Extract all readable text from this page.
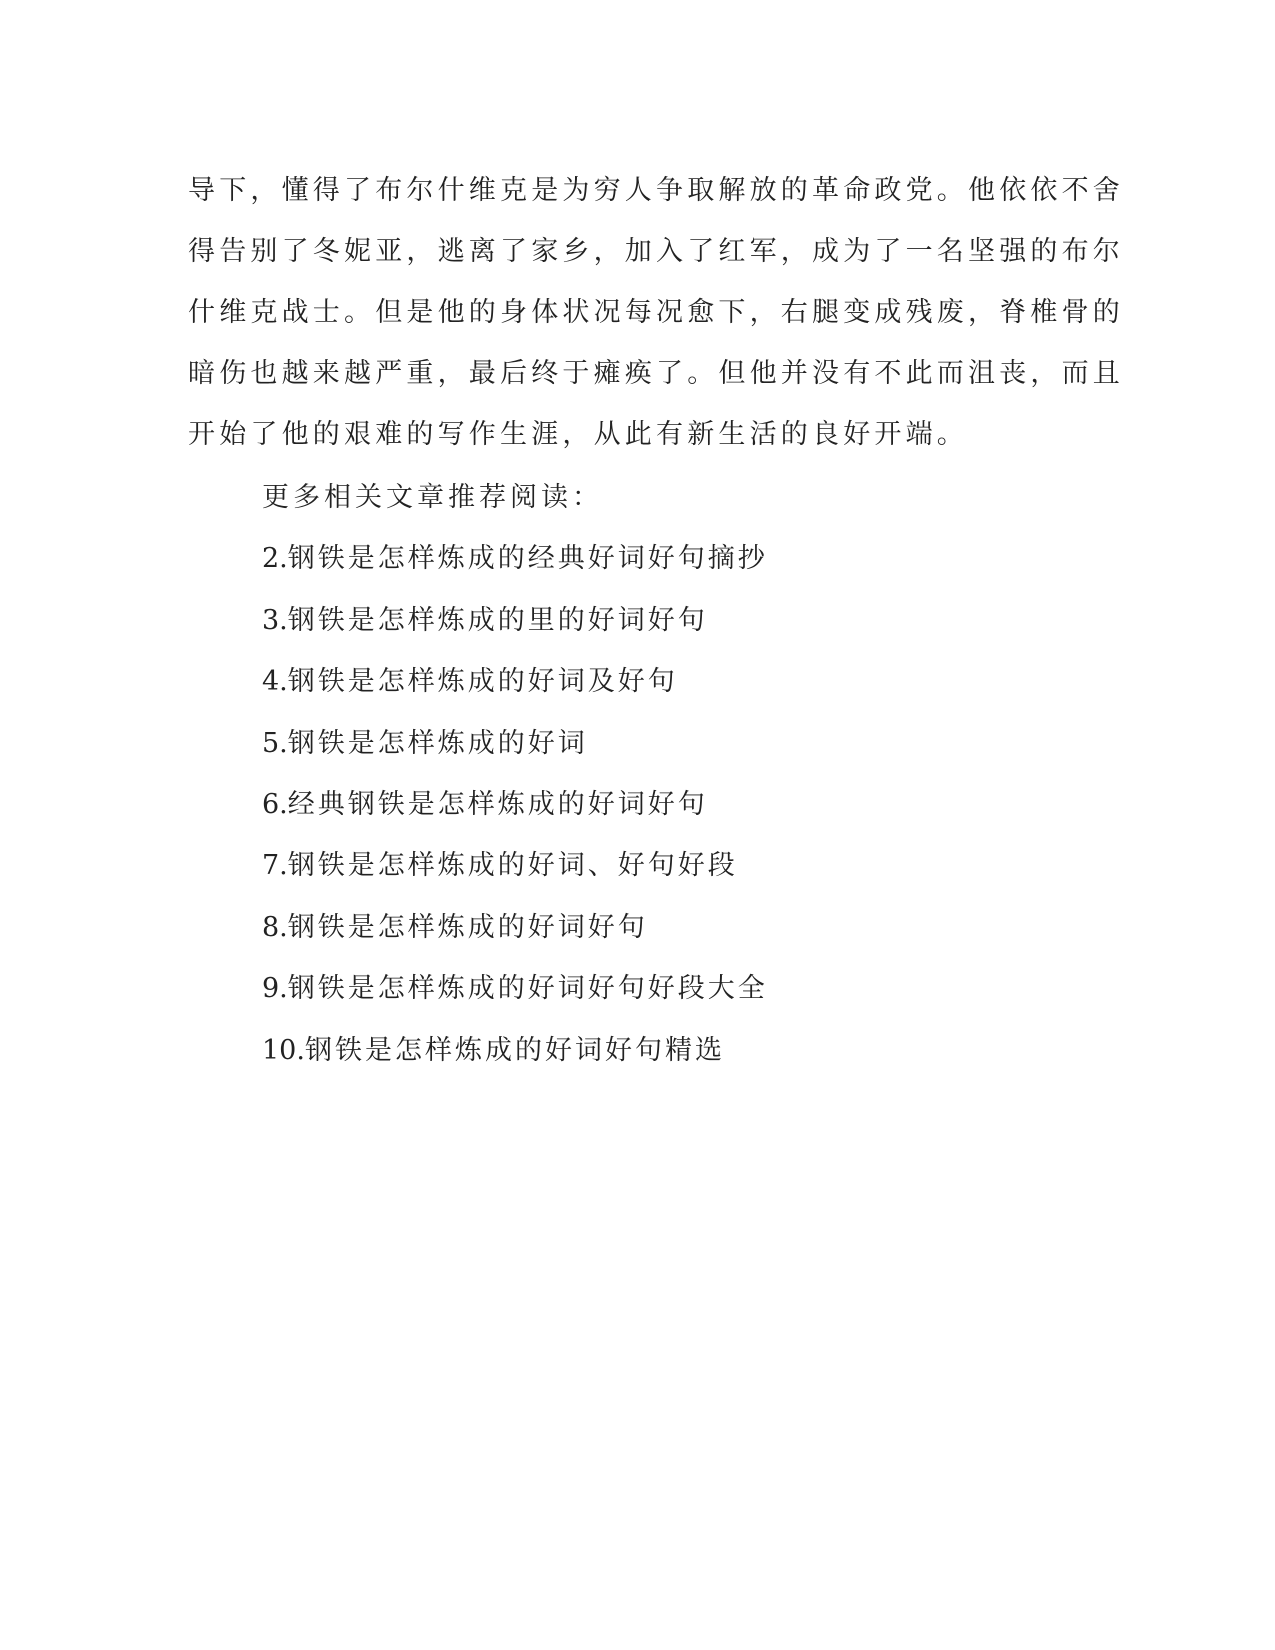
导下，懂得了布尔什维克是为穷人争取解放的革命政党。他依依不舍
得告别了冬妮亚，逃离了家乡，加入了红军，成为了一名坚强的布尔
什维克战士。但是他的身体状况每况愈下，右腿变成残废，脊椎骨的
暗伤也越来越严重，最后终于瘫痪了。但他并没有不此而沮丧，而且
开始了他的艰难的写作生涯，从此有新生活的良好开端。
更多相关文章推荐阅读：
2.钢铁是怎样炼成的经典好词好句摘抄
3.钢铁是怎样炼成的里的好词好句
4.钢铁是怎样炼成的好词及好句
5.钢铁是怎样炼成的好词
6.经典钢铁是怎样炼成的好词好句
7.钢铁是怎样炼成的好词、好句好段
8.钢铁是怎样炼成的好词好句
9.钢铁是怎样炼成的好词好句好段大全
10.钢铁是怎样炼成的好词好句精选
